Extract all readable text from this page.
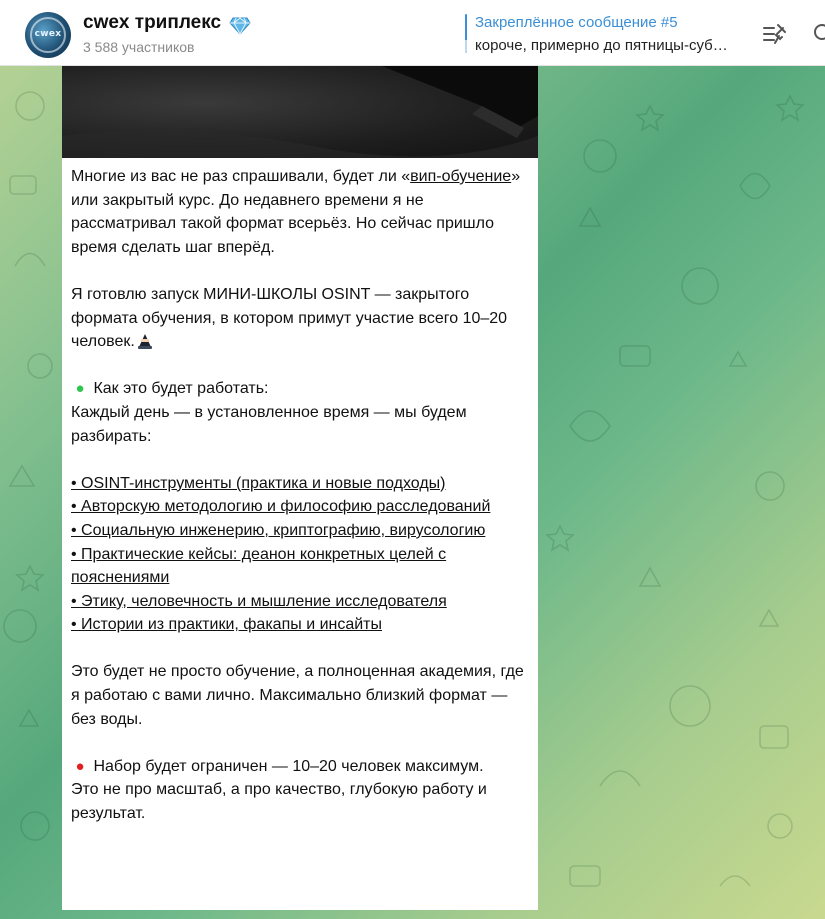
cwex
cwex триплекс
3 588 участников
Закреплённое сообщение #5
короче, примерно до пятницы-суб…

Многие из вас не раз спрашивали, будет ли «вип-обучение» или закрытый курс. До недавнего времени я не рассматривал такой формат всерьёз. Но сейчас пришло время сделать шаг вперёд.

Я готовлю запуск МИНИ-ШКОЛЫ OSINT — закрытого формата обучения, в котором примут участие всего 10–20 человек.

● Как это будет работать:

Каждый день — в установленное время — мы будем разбирать:

• OSINT-инструменты (практика и новые подходы)

• Авторскую методологию и философию расследований

• Социальную инженерию, криптографию, вирусологию

• Практические кейсы: деанон конкретных целей с пояснениями

• Этику, человечность и мышление исследователя

• Истории из практики, факапы и инсайты

Это будет не просто обучение, а полноценная академия, где я работаю с вами лично. Максимально близкий формат — без воды.

● Набор будет ограничен — 10–20 человек максимум.

Это не про масштаб, а про качество, глубокую работу и результат.
